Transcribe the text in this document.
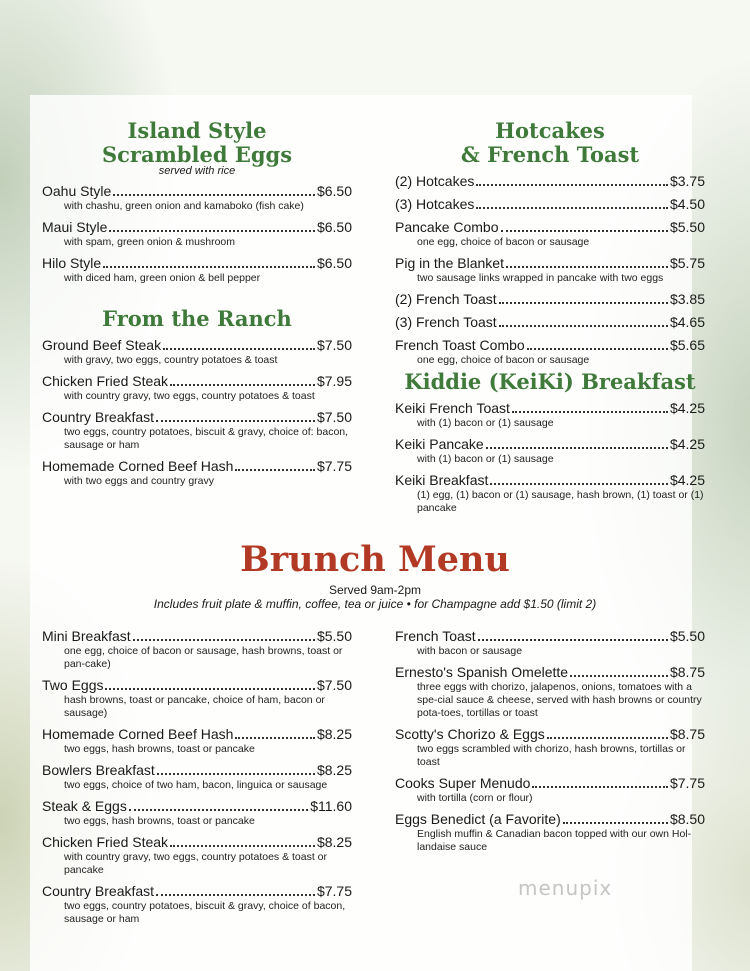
Island Style
Scrambled Eggs
served with rice
Oahu Style	$6.50
with chashu, green onion and kamaboko (fish cake)
Maui Style	$6.50
with spam, green onion & mushroom
Hilo Style	$6.50
with diced ham, green onion & bell pepper
From the Ranch
Ground Beef Steak	$7.50
with gravy, two eggs, country potatoes & toast
Chicken Fried Steak	$7.95
with country gravy, two eggs, country potatoes & toast
Country Breakfast	$7.50
two eggs, country potatoes, biscuit & gravy, choice of: bacon, sausage or ham
Homemade Corned Beef Hash	$7.75
with two eggs and country gravy
Hotcakes
& French Toast
(2) Hotcakes	$3.75
(3) Hotcakes	$4.50
Pancake Combo	$5.50
one egg, choice of bacon or sausage
Pig in the Blanket	$5.75
two sausage links wrapped in pancake with two eggs
(2) French Toast	$3.85
(3) French Toast	$4.65
French Toast Combo	$5.65
one egg, choice of bacon or sausage
Kiddie (KeiKi) Breakfast
Keiki French Toast	$4.25
with (1) bacon or (1) sausage
Keiki Pancake	$4.25
with (1) bacon or (1) sausage
Keiki Breakfast	$4.25
(1) egg, (1) bacon or (1) sausage, hash brown, (1) toast or (1) pancake
Brunch Menu
Served 9am-2pm
Includes fruit plate & muffin, coffee, tea or juice • for Champagne add $1.50 (limit 2)
Mini Breakfast	$5.50
one egg, choice of bacon or sausage, hash browns, toast or pan-cake)
Two Eggs	$7.50
hash browns, toast or pancake, choice of ham, bacon or sausage)
Homemade Corned Beef Hash	$8.25
two eggs, hash browns, toast or pancake
Bowlers Breakfast	$8.25
two eggs, choice of two ham, bacon, linguica or sausage
Steak & Eggs	$11.60
two eggs, hash browns, toast or pancake
Chicken Fried Steak	$8.25
with country gravy, two eggs, country potatoes & toast or pancake
Country Breakfast	$7.75
two eggs, country potatoes, biscuit & gravy, choice of bacon, sausage or ham
French Toast	$5.50
with bacon or sausage
Ernesto's Spanish Omelette	$8.75
three eggs with chorizo, jalapenos, onions, tomatoes with a spe-cial sauce & cheese, served with hash browns or country pota-toes, tortillas or toast
Scotty's Chorizo & Eggs	$8.75
two eggs scrambled with chorizo, hash browns, tortillas or toast
Cooks Super Menudo	$7.75
with tortilla (corn or flour)
Eggs Benedict (a Favorite)	$8.50
English muffin & Canadian bacon topped with our own Hol-landaise sauce
menupix
